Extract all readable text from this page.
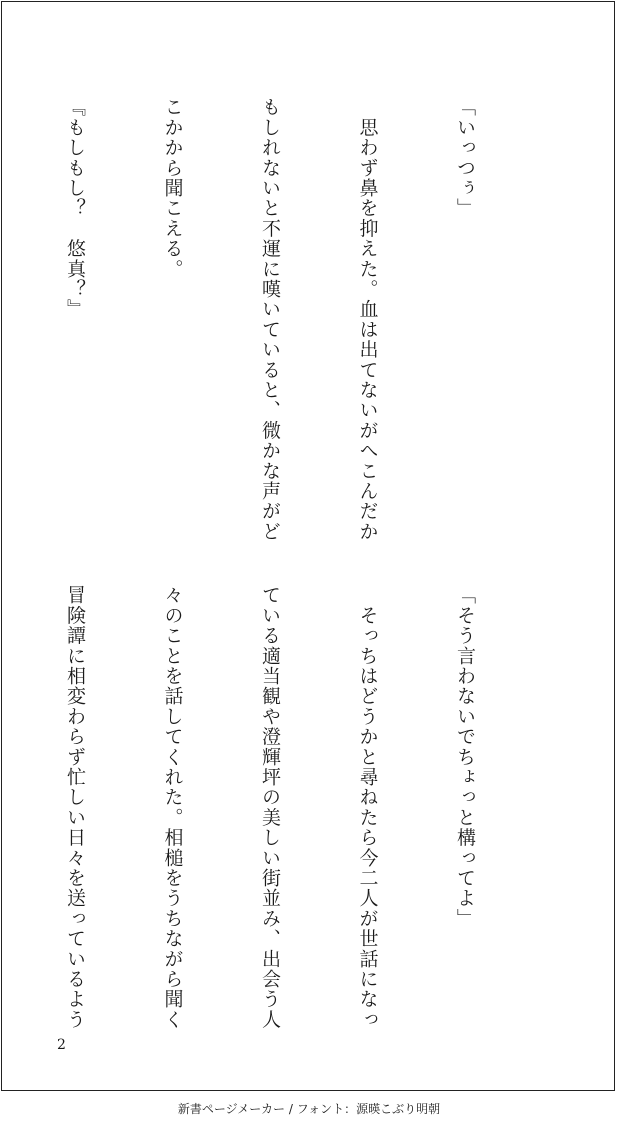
「いっつぅ」

　思わず鼻を抑えた。血は出てないがへこんだか

もしれないと不運に嘆いていると、微かな声がど

こかから聞こえる。

『もしもし？　悠真？』

「そう言わないでちょっと構ってよ」

　そっちはどうかと尋ねたら今二人が世話になっ

ている適当観や澄輝坪の美しい街並み、出会う人

々のことを話してくれた。相槌をうちながら聞く

冒険譚に相変わらず忙しい日々を送っているよう

2
新書ページメーカー / フォント：源暎こぶり明朝
